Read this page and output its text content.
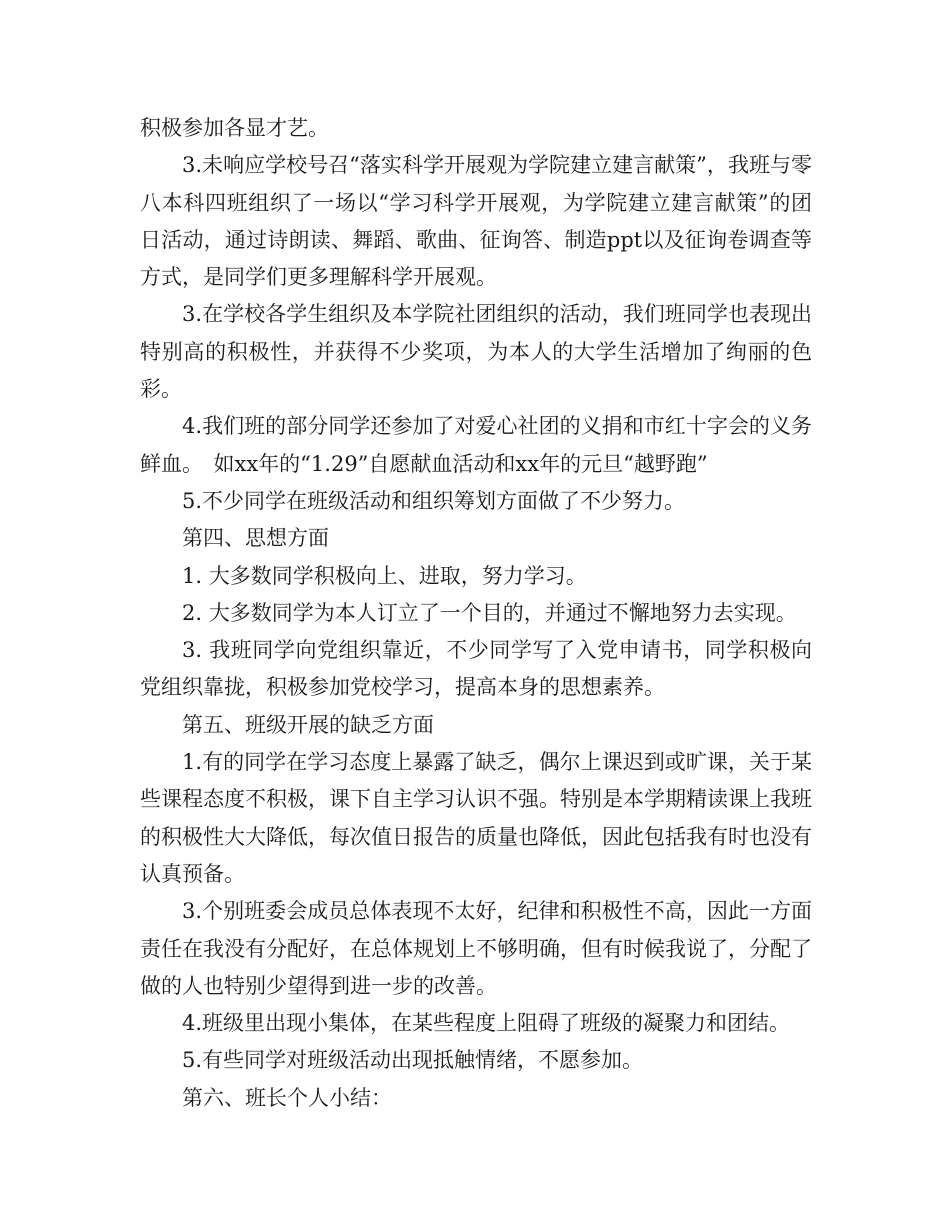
积极参加各显才艺。

3.未响应学校号召“落实科学开展观为学院建立建言献策”，我班与零八本科四班组织了一场以“学习科学开展观，为学院建立建言献策”的团日活动，通过诗朗读、舞蹈、歌曲、征询答、制造ppt以及征询卷调查等方式，是同学们更多理解科学开展观。

3.在学校各学生组织及本学院社团组织的活动，我们班同学也表现出特别高的积极性，并获得不少奖项，为本人的大学生活增加了绚丽的色彩。

4.我们班的部分同学还参加了对爱心社团的义捐和市红十字会的义务鲜血。　如xx年的“1.29”自愿献血活动和xx年的元旦“越野跑”

5.不少同学在班级活动和组织筹划方面做了不少努力。

第四、思想方面

1. 大多数同学积极向上、进取，努力学习。

2. 大多数同学为本人订立了一个目的，并通过不懈地努力去实现。

3. 我班同学向党组织靠近，不少同学写了入党申请书，同学积极向党组织靠拢，积极参加党校学习，提高本身的思想素养。

第五、班级开展的缺乏方面

1.有的同学在学习态度上暴露了缺乏，偶尔上课迟到或旷课，关于某些课程态度不积极，课下自主学习认识不强。特别是本学期精读课上我班的积极性大大降低，每次值日报告的质量也降低，因此包括我有时也没有认真预备。

3.个别班委会成员总体表现不太好，纪律和积极性不高，因此一方面责任在我没有分配好，在总体规划上不够明确，但有时候我说了，分配了做的人也特别少望得到进一步的改善。

4.班级里出现小集体，在某些程度上阻碍了班级的凝聚力和团结。

5.有些同学对班级活动出现抵触情绪，不愿参加。

第六、班长个人小结：
